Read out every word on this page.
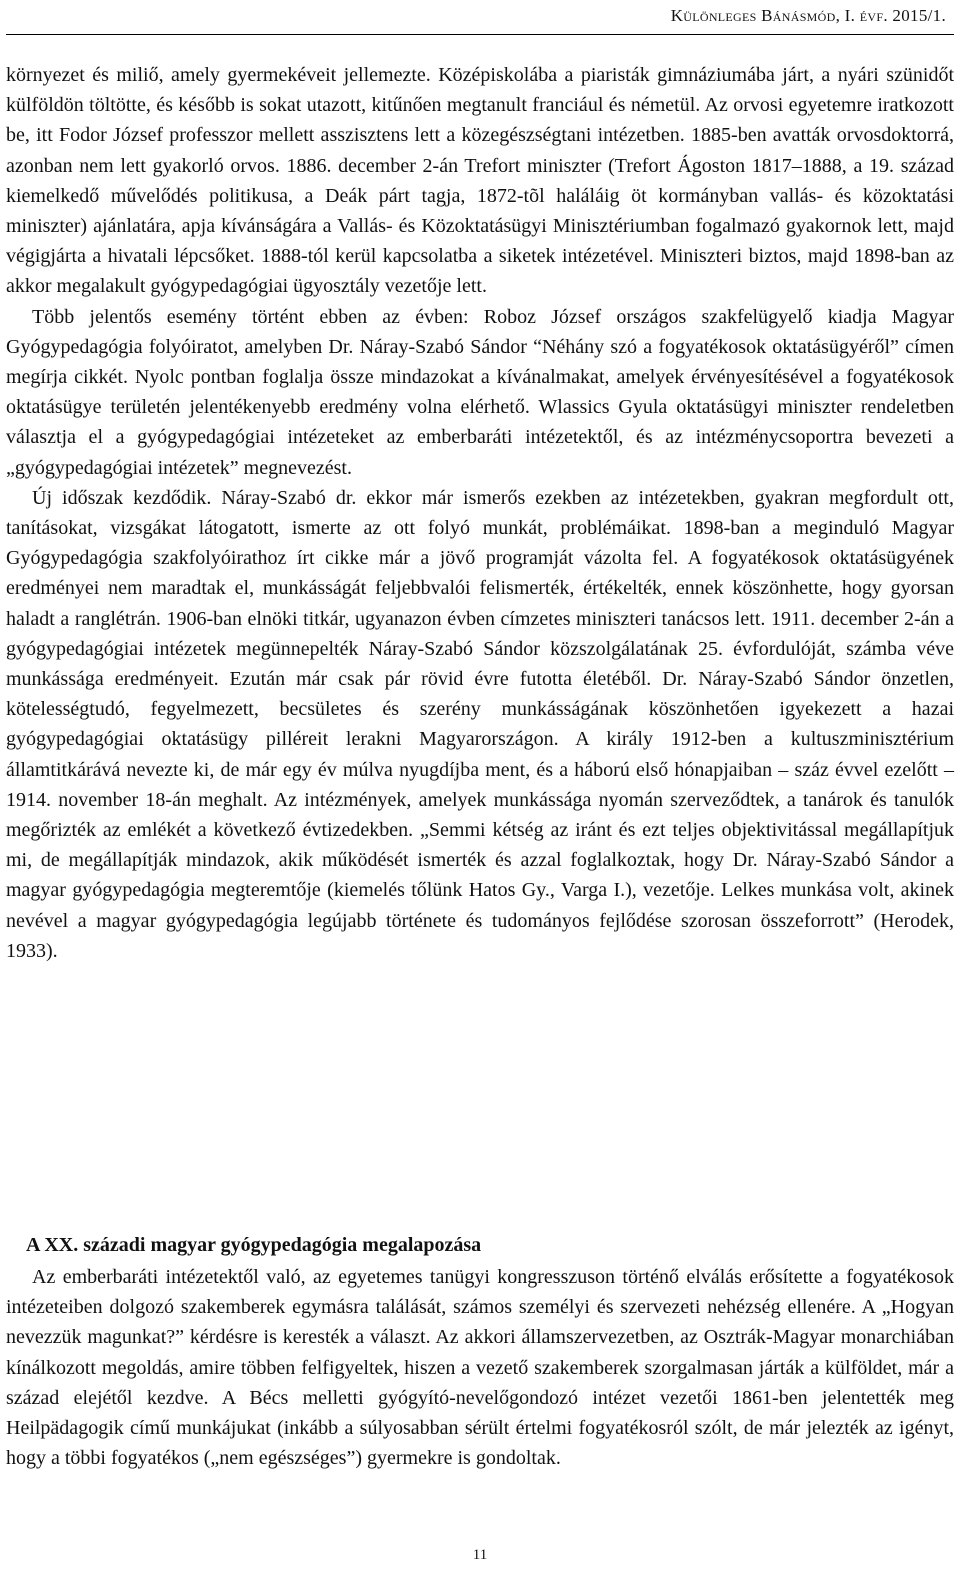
Különleges Bánásmód, I. évf. 2015/1.

környezet és miliő, amely gyermekéveit jellemezte. Középiskolába a piaristák gimnáziumába járt, a nyári szünidőt külföldön töltötte, és később is sokat utazott, kitűnően megtanult franciául és németül. Az orvosi egyetemre iratkozott be, itt Fodor József professzor mellett asszisztens lett a közegészségtani intézetben. 1885-ben avatták orvosdoktorrá, azonban nem lett gyakorló orvos. 1886. december 2-án Trefort miniszter (Trefort Ágoston 1817–1888, a 19. század kiemelkedő művelődés politikusa, a Deák párt tagja, 1872-tõl haláláig öt kormányban vallás- és közoktatási miniszter) ajánlatára, apja kívánságára a Vallás- és Közoktatásügyi Minisztériumban fogalmazó gyakornok lett, majd végigjárta a hivatali lépcsőket. 1888-tól kerül kapcsolatba a siketek intézetével. Miniszteri biztos, majd 1898-ban az akkor megalakult gyógypedagógiai ügyosztály vezetője lett.

Több jelentős esemény történt ebben az évben: Roboz József országos szakfelügyelő kiadja Magyar Gyógypedagógia folyóiratot, amelyben Dr. Náray-Szabó Sándor “Néhány szó a fogyatékosok oktatásügyéről” címen megírja cikkét. Nyolc pontban foglalja össze mindazokat a kívánalmakat, amelyek érvényesítésével a fogyatékosok oktatásügye területén jelentékenyebb eredmény volna elérhető. Wlassics Gyula oktatásügyi miniszter rendeletben választja el a gyógypedagógiai intézeteket az emberbaráti intézetektől, és az intézménycsoportra bevezeti a „gyógypedagógiai intézetek” megnevezést.

Új időszak kezdődik. Náray-Szabó dr. ekkor már ismerős ezekben az intézetekben, gyakran megfordult ott, tanításokat, vizsgákat látogatott, ismerte az ott folyó munkát, problémáikat. 1898-ban a meginduló Magyar Gyógypedagógia szakfolyóirathoz írt cikke már a jövő programját vázolta fel. A fogyatékosok oktatásügyének eredményei nem maradtak el, munkásságát feljebbvalói felismerték, értékelték, ennek köszönhette, hogy gyorsan haladt a ranglétrán. 1906-ban elnöki titkár, ugyanazon évben címzetes miniszteri tanácsos lett. 1911. december 2-án a gyógypedagógiai intézetek megünnepelték Náray-Szabó Sándor közszolgálatának 25. évfordulóját, számba véve munkássága eredményeit. Ezután már csak pár rövid évre futotta életéből. Dr. Náray-Szabó Sándor önzetlen, kötelességtudó, fegyelmezett, becsületes és szerény munkásságának köszönhetően igyekezett a hazai gyógypedagógiai oktatásügy pilléreit lerakni Magyarországon. A király 1912-ben a kultuszminisztérium államtitkárává nevezte ki, de már egy év múlva nyugdíjba ment, és a háború első hónapjaiban – száz évvel ezelőtt – 1914. november 18-án meghalt. Az intézmények, amelyek munkássága nyomán szerveződtek, a tanárok és tanulók megőrizték az emlékét a következő évtizedekben. „Semmi kétség az iránt és ezt teljes objektivitással megállapítjuk mi, de megállapítják mindazok, akik működését ismerték és azzal foglalkoztak, hogy Dr. Náray-Szabó Sándor a magyar gyógypedagógia megteremtője (kiemelés tőlünk Hatos Gy., Varga I.), vezetője. Lelkes munkása volt, akinek nevével a magyar gyógypedagógia legújabb története és tudományos fejlődése szorosan összeforrott” (Herodek, 1933).

A XX. századi magyar gyógypedagógia megalapozása

Az emberbaráti intézetektől való, az egyetemes tanügyi kongresszuson történő elválás erősítette a fogyatékosok intézeteiben dolgozó szakemberek egymásra találását, számos személyi és szervezeti nehézség ellenére. A „Hogyan nevezzük magunkat?” kérdésre is keresték a választ. Az akkori államszervezetben, az Osztrák-Magyar monarchiában kínálkozott megoldás, amire többen felfigyeltek, hiszen a vezető szakemberek szorgalmasan járták a külföldet, már a század elejétől kezdve. A Bécs melletti gyógyító-nevelőgondozó intézet vezetői 1861-ben jelentették meg Heilpädagogik című munkájukat (inkább a súlyosabban sérült értelmi fogyatékosról szólt, de már jelezték az igényt, hogy a többi fogyatékos („nem egészséges”) gyermekre is gondoltak.

11
